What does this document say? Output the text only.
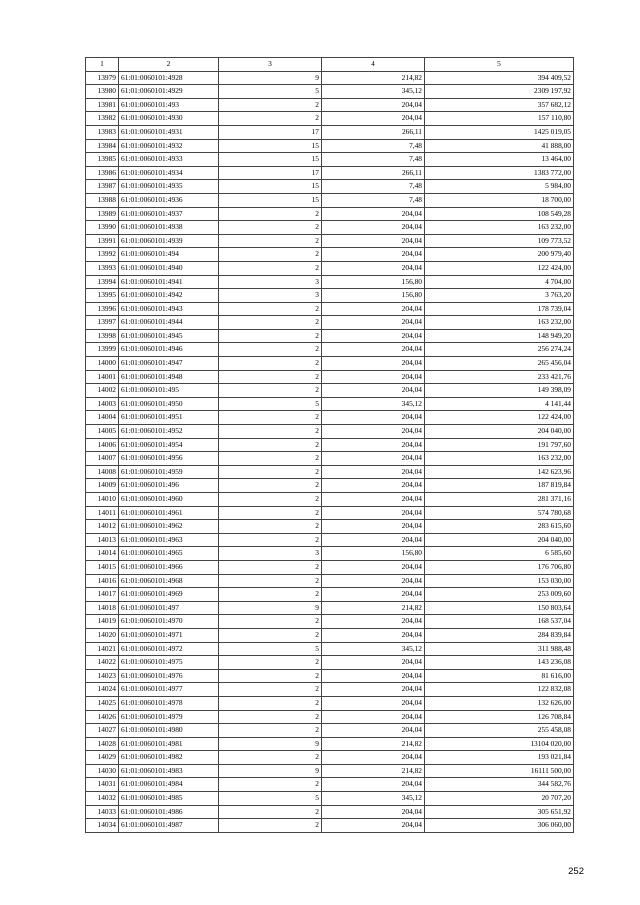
1	2	3	4	5
13979	61:01:0060101:4928	9	214,82	394 409,52
13980	61:01:0060101:4929	5	345,12	2309 197,92
13981	61:01:0060101:493	2	204,04	357 682,12
13982	61:01:0060101:4930	2	204,04	157 110,80
13983	61:01:0060101:4931	17	266,11	1425 019,05
13984	61:01:0060101:4932	15	7,48	41 888,00
13985	61:01:0060101:4933	15	7,48	13 464,00
13986	61:01:0060101:4934	17	266,11	1383 772,00
13987	61:01:0060101:4935	15	7,48	5 984,00
13988	61:01:0060101:4936	15	7,48	18 700,00
13989	61:01:0060101:4937	2	204,04	108 549,28
13990	61:01:0060101:4938	2	204,04	163 232,00
13991	61:01:0060101:4939	2	204,04	109 773,52
13992	61:01:0060101:494	2	204,04	200 979,40
13993	61:01:0060101:4940	2	204,04	122 424,00
13994	61:01:0060101:4941	3	156,80	4 704,00
13995	61:01:0060101:4942	3	156,80	3 763,20
13996	61:01:0060101:4943	2	204,04	178 739,04
13997	61:01:0060101:4944	2	204,04	163 232,00
13998	61:01:0060101:4945	2	204,04	148 949,20
13999	61:01:0060101:4946	2	204,04	256 274,24
14000	61:01:0060101:4947	2	204,04	265 456,04
14001	61:01:0060101:4948	2	204,04	233 421,76
14002	61:01:0060101:495	2	204,04	149 398,09
14003	61:01:0060101:4950	5	345,12	4 141,44
14004	61:01:0060101:4951	2	204,04	122 424,00
14005	61:01:0060101:4952	2	204,04	204 040,00
14006	61:01:0060101:4954	2	204,04	191 797,60
14007	61:01:0060101:4956	2	204,04	163 232,00
14008	61:01:0060101:4959	2	204,04	142 623,96
14009	61:01:0060101:496	2	204,04	187 819,84
14010	61:01:0060101:4960	2	204,04	281 371,16
14011	61:01:0060101:4961	2	204,04	574 780,68
14012	61:01:0060101:4962	2	204,04	283 615,60
14013	61:01:0060101:4963	2	204,04	204 040,00
14014	61:01:0060101:4965	3	156,80	6 585,60
14015	61:01:0060101:4966	2	204,04	176 706,80
14016	61:01:0060101:4968	2	204,04	153 030,00
14017	61:01:0060101:4969	2	204,04	253 009,60
14018	61:01:0060101:497	9	214,82	150 803,64
14019	61:01:0060101:4970	2	204,04	168 537,04
14020	61:01:0060101:4971	2	204,04	284 839,84
14021	61:01:0060101:4972	5	345,12	311 988,48
14022	61:01:0060101:4975	2	204,04	143 236,08
14023	61:01:0060101:4976	2	204,04	81 616,00
14024	61:01:0060101:4977	2	204,04	122 832,08
14025	61:01:0060101:4978	2	204,04	132 626,00
14026	61:01:0060101:4979	2	204,04	126 708,84
14027	61:01:0060101:4980	2	204,04	255 458,08
14028	61:01:0060101:4981	9	214,82	13104 020,00
14029	61:01:0060101:4982	2	204,04	193 021,84
14030	61:01:0060101:4983	9	214,82	16111 500,00
14031	61:01:0060101:4984	2	204,04	344 582,76
14032	61:01:0060101:4985	5	345,12	20 707,20
14033	61:01:0060101:4986	2	204,04	305 651,92
14034	61:01:0060101:4987	2	204,04	306 060,00
252
